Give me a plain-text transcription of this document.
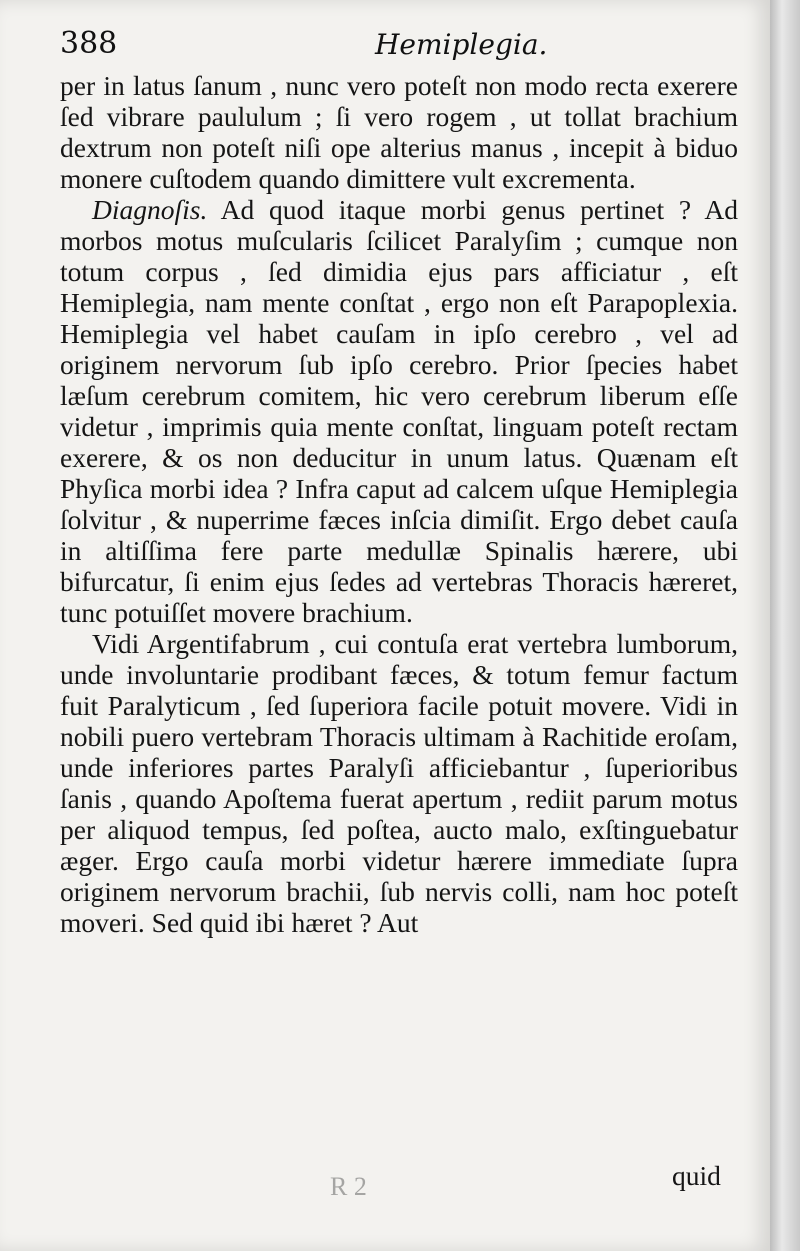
388	Hemiplegia.

per in latus ſanum , nunc vero poteſt non modo recta exerere ſed vibrare paululum ; ſi vero rogem , ut tollat brachium dextrum non poteſt niſi ope alterius manus , incepit à biduo monere cuſtodem quando dimittere vult excrementa.

Diagnoſis. Ad quod itaque morbi genus pertinet ? Ad morbos motus muſcularis ſcilicet Paralyſim ; cumque non totum corpus , ſed dimidia ejus pars afficiatur , eſt Hemiplegia, nam mente conſtat , ergo non eſt Parapoplexia. Hemiplegia vel habet cauſam in ipſo cerebro , vel ad originem nervorum ſub ipſo cerebro. Prior ſpecies habet læſum cerebrum comitem, hic vero cerebrum liberum eſſe videtur , imprimis quia mente conſtat, linguam poteſt rectam exerere, & os non deducitur in unum latus. Quænam eſt Phyſica morbi idea ? Infra caput ad calcem uſque Hemiplegia ſolvitur , & nuperrime fæces inſcia dimiſit. Ergo debet cauſa in altiſſima fere parte medullæ Spinalis hærere, ubi bifurcatur, ſi enim ejus ſedes ad vertebras Thoracis hæreret, tunc potuiſſet movere brachium.

Vidi Argentifabrum , cui contuſa erat vertebra lumborum, unde involuntarie prodibant fæces, & totum femur factum fuit Paralyticum , ſed ſuperiora facile potuit movere. Vidi in nobili puero vertebram Thoracis ultimam à Rachitide eroſam, unde inferiores partes Paralyſi afficiebantur , ſuperioribus ſanis , quando Apoſtema fuerat apertum , rediit parum motus per aliquod tempus, ſed poſtea, aucto malo, exſtinguebatur æger. Ergo cauſa morbi videtur hærere immediate ſupra originem nervorum brachii, ſub nervis colli, nam hoc poteſt moveri. Sed quid ibi hæret ? Aut

quid
R 2
